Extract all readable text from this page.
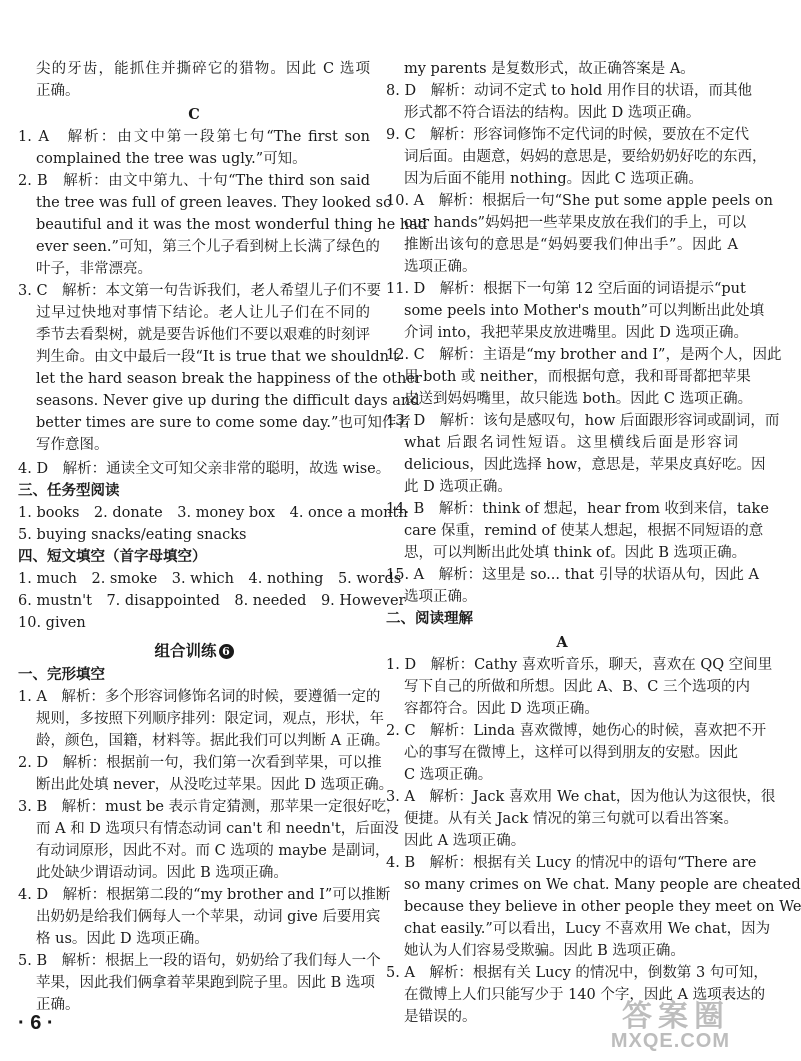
尖的牙齿，能抓住并撕碎它的猎物。因此 C 选项
正确。
C
1. A　解析：由文中第一段第七句“The first son
complained the tree was ugly.”可知。
2. B　解析：由文中第九、十句“The third son said
the tree was full of green leaves. They looked so
beautiful and it was the most wonderful thing he had
ever seen.”可知，第三个儿子看到树上长满了绿色的
叶子，非常漂亮。
3. C　解析：本文第一句告诉我们，老人希望儿子们不要
过早过快地对事情下结论。老人让儿子们在不同的
季节去看梨树，就是要告诉他们不要以艰难的时刻评
判生命。由文中最后一段“It is true that we shouldn't
let the hard season break the happiness of the other
seasons. Never give up during the difficult days and
better times are sure to come some day.”也可知作者
写作意图。
4. D　解析：通读全文可知父亲非常的聪明，故选 wise。
三、任务型阅读
1. books　2. donate　3. money box　4. once a month
5. buying snacks/eating snacks
四、短文填空（首字母填空）
1. much　2. smoke　3. which　4. nothing　5. words
6. mustn't　7. disappointed　8. needed　9. However
10. given
组合训练 6
一、完形填空
1. A　解析：多个形容词修饰名词的时候，要遵循一定的
规则，多按照下列顺序排列：限定词，观点，形状，年
龄，颜色，国籍，材料等。据此我们可以判断 A 正确。
2. D　解析：根据前一句，我们第一次看到苹果，可以推
断出此处填 never，从没吃过苹果。因此 D 选项正确。
3. B　解析：must be 表示肯定猜测，那苹果一定很好吃，
而 A 和 D 选项只有情态动词 can't 和 needn't，后面没
有动词原形，因此不对。而 C 选项的 maybe 是副词，
此处缺少谓语动词。因此 B 选项正确。
4. D　解析：根据第二段的“my brother and I”可以推断
出奶奶是给我们俩每人一个苹果，动词 give 后要用宾
格 us。因此 D 选项正确。
5. B　解析：根据上一段的语句，奶奶给了我们每人一个
苹果，因此我们俩拿着苹果跑到院子里。因此 B 选项
正确。
· 6 ·
my parents 是复数形式，故正确答案是 A。
8. D　解析：动词不定式 to hold 用作目的状语，而其他
形式都不符合语法的结构。因此 D 选项正确。
9. C　解析：形容词修饰不定代词的时候，要放在不定代
词后面。由题意，妈妈的意思是，要给奶奶好吃的东西，
因为后面不能用 nothing。因此 C 选项正确。
10. A　解析：根据后一句“She put some apple peels on
our hands”妈妈把一些苹果皮放在我们的手上，可以
推断出该句的意思是“妈妈要我们伸出手”。因此 A
选项正确。
11. D　解析：根据下一句第 12 空后面的词语提示“put
some peels into Mother's mouth”可以判断出此处填
介词 into，我把苹果皮放进嘴里。因此 D 选项正确。
12. C　解析：主语是“my brother and I”，是两个人，因此
用 both 或 neither，而根据句意，我和哥哥都把苹果
皮送到妈妈嘴里，故只能选 both。因此 C 选项正确。
13. D　解析：该句是感叹句，how 后面跟形容词或副词，而
what 后跟名词性短语。这里横线后面是形容词
delicious，因此选择 how，意思是，苹果皮真好吃。因
此 D 选项正确。
14. B　解析：think of 想起，hear from 收到来信，take
care 保重，remind of 使某人想起，根据不同短语的意
思，可以判断出此处填 think of。因此 B 选项正确。
15. A　解析：这里是 so... that 引导的状语从句，因此 A
选项正确。
二、阅读理解
A
1. D　解析：Cathy 喜欢听音乐，聊天，喜欢在 QQ 空间里
写下自己的所做和所想。因此 A、B、C 三个选项的内
容都符合。因此 D 选项正确。
2. C　解析：Linda 喜欢微博，她伤心的时候，喜欢把不开
心的事写在微博上，这样可以得到朋友的安慰。因此
C 选项正确。
3. A　解析：Jack 喜欢用 We chat，因为他认为这很快，很
便捷。从有关 Jack 情况的第三句就可以看出答案。
因此 A 选项正确。
4. B　解析：根据有关 Lucy 的情况中的语句“There are
so many crimes on We chat. Many people are cheated
because they believe in other people they meet on We
chat easily.”可以看出，Lucy 不喜欢用 We chat，因为
她认为人们容易受欺骗。因此 B 选项正确。
5. A　解析：根据有关 Lucy 的情况中，倒数第 3 句可知，
在微博上人们只能写少于 140 个字，因此 A 选项表达的
是错误的。	答案圈
MXQE.COM
